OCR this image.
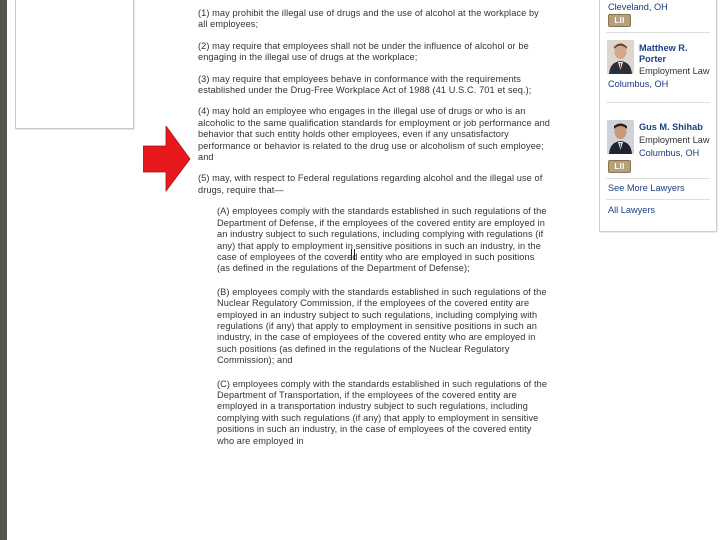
(1) may prohibit the illegal use of drugs and the use of alcohol at the workplace by all employees;

(2) may require that employees shall not be under the influence of alcohol or be engaging in the illegal use of drugs at the workplace;

(3) may require that employees behave in conformance with the requirements established under the Drug-Free Workplace Act of 1988 (41 U.S.C. 701 et seq.);

(4) may hold an employee who engages in the illegal use of drugs or who is an alcoholic to the same qualification standards for employment or job performance and behavior that such entity holds other employees, even if any unsatisfactory performance or behavior is related to the drug use or alcoholism of such employee; and

(5) may, with respect to Federal regulations regarding alcohol and the illegal use of drugs, require that—

(A) employees comply with the standards established in such regulations of the Department of Defense, if the employees of the covered entity are employed in an industry subject to such regulations, including complying with regulations (if any) that apply to employment in sensitive positions in such an industry, in the case of employees of the covered entity who are employed in such positions (as defined in the regulations of the Department of Defense);

(B) employees comply with the standards established in such regulations of the Nuclear Regulatory Commission, if the employees of the covered entity are employed in an industry subject to such regulations, including complying with regulations (if any) that apply to employment in sensitive positions in such an industry, in the case of employees of the covered entity who are employed in such positions (as defined in the regulations of the Nuclear Regulatory Commission); and

(C) employees comply with the standards established in such regulations of the Department of Transportation, if the employees of the covered entity are employed in a transportation industry subject to such regulations, including complying with such regulations (if any) that apply to employment in sensitive positions in such an industry, in the case of employees of the covered entity who are employed in

Cleveland, OH
LII
Matthew R. Porter
Employment Law
Columbus, OH
Gus M. Shihab
Employment Law
Columbus, OH
LII
See More Lawyers
All Lawyers
